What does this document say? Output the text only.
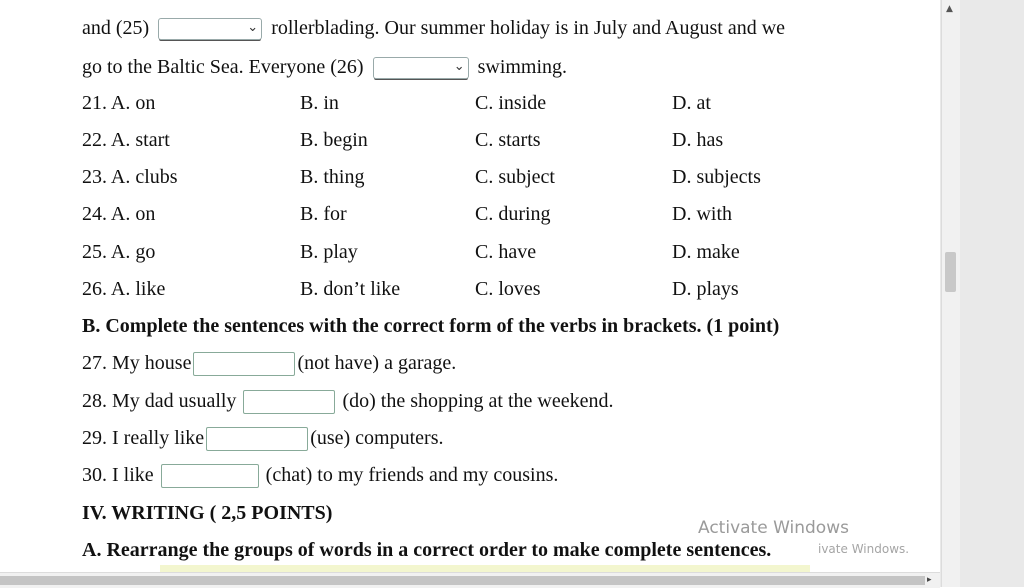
and (25)	⌄ rollerblading. Our summer holiday is in July and August and we
go to the Baltic Sea. Everyone (26)	⌄ swimming.
21. A. on	B. in	C. inside	D. at
22. A. start	B. begin	C. starts	D. has
23. A. clubs	B. thing	C. subject	D. subjects
24. A. on	B. for	C. during	D. with
25. A. go	B. play	C. have	D. make
26. A. like	B. don’t like	C. loves	D. plays
B. Complete the sentences with the correct form of the verbs in brackets. (1 point)
27. My house	(not have) a garage.
28. My dad usually	(do) the shopping at the weekend.
29. I really like	(use) computers.
30. I like	(chat) to my friends and my cousins.
IV. WRITING ( 2,5 POINTS)
A. Rearrange the groups of words in a correct order to make complete sentences.
Activate Windows
ivate Windows.
▲
▸
